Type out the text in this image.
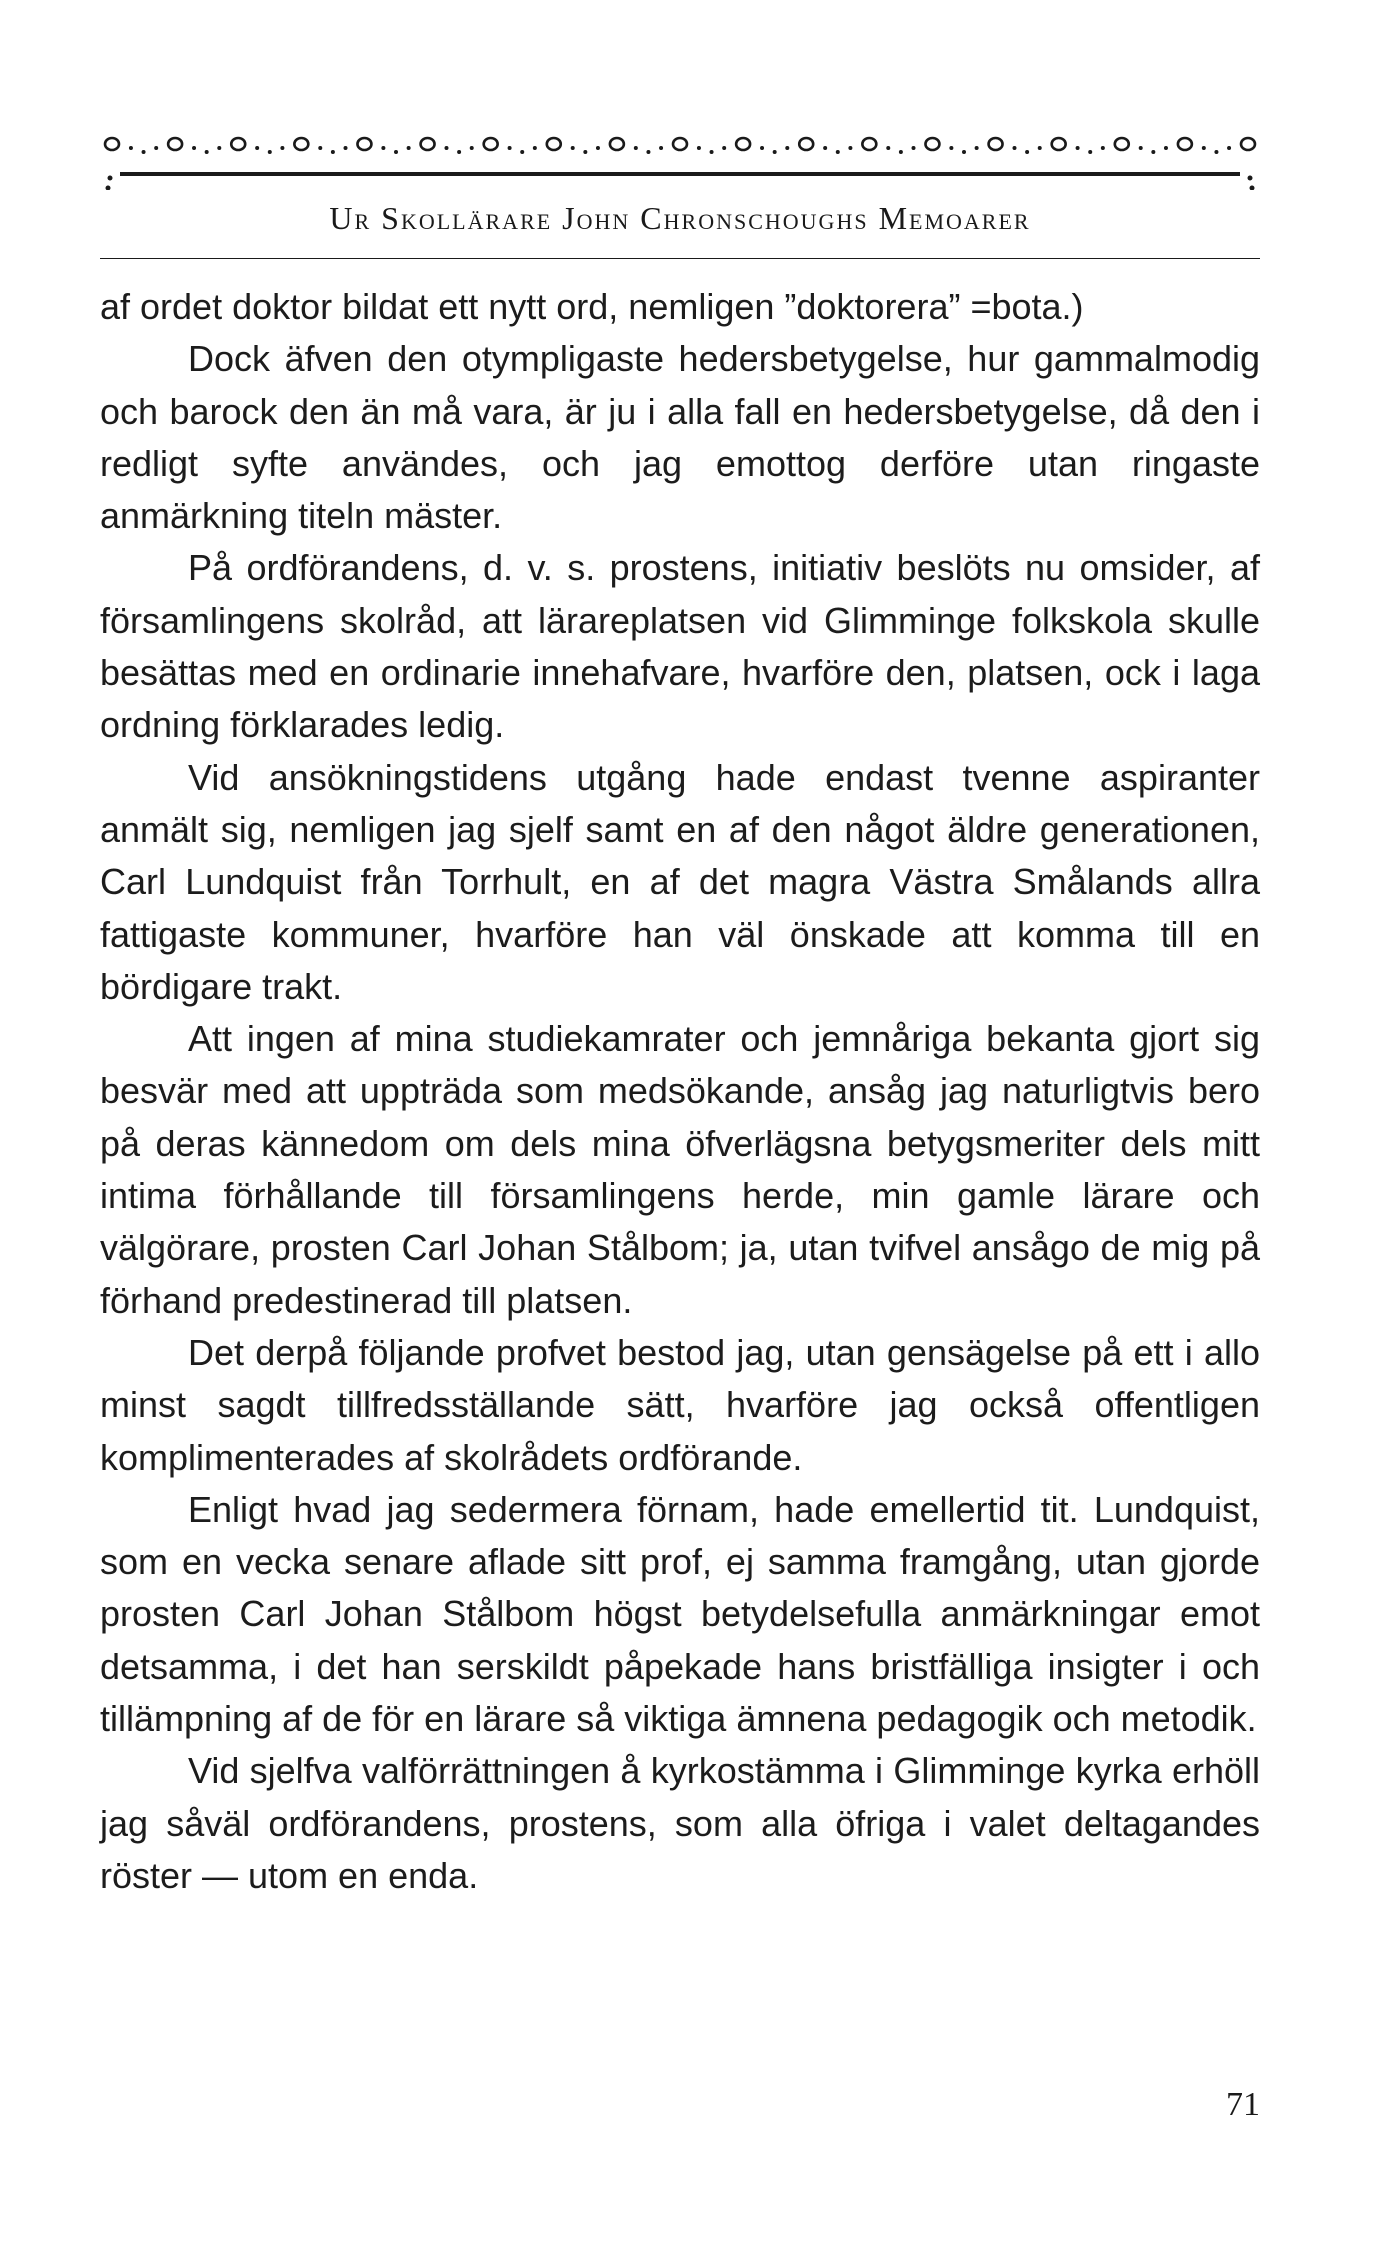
Ur Skollärare John Chronschoughs Memoarer

af ordet doktor bildat ett nytt ord, nemligen ”doktorera” =bota.)

Dock äfven den otympligaste hedersbetygelse, hur gammalmodig och barock den än må vara, är ju i alla fall en hedersbetygelse, då den i redligt syfte användes, och jag emottog derföre utan ringaste anmärkning titeln mäster.

På ordförandens, d. v. s. prostens, initiativ beslöts nu omsider, af församlingens skolråd, att lärareplatsen vid Glimminge folkskola skulle besättas med en ordinarie innehafvare, hvarföre den, platsen, ock i laga ordning förklarades ledig.

Vid ansökningstidens utgång hade endast tvenne aspiranter anmält sig, nemligen jag sjelf samt en af den något äldre generationen, Carl Lundquist från Torrhult, en af det magra Västra Smålands allra fattigaste kommuner, hvarföre han väl önskade att komma till en bördigare trakt.

Att ingen af mina studiekamrater och jemnåriga bekanta gjort sig besvär med att uppträda som medsökande, ansåg jag naturligtvis bero på deras kännedom om dels mina öfverlägsna betygsmeriter dels mitt intima förhållande till församlingens herde, min gamle lärare och välgörare, prosten Carl Johan Stålbom; ja, utan tvifvel ansågo de mig på förhand predestinerad till platsen.

Det derpå följande profvet bestod jag, utan gensägelse på ett i allo minst sagdt tillfredsställande sätt, hvarföre jag också offentligen komplimenterades af skolrådets ordförande.

Enligt hvad jag sedermera förnam, hade emellertid tit. Lundquist, som en vecka senare aflade sitt prof, ej samma framgång, utan gjorde prosten Carl Johan Stålbom högst betydelsefulla anmärkningar emot detsamma, i det han serskildt påpekade hans bristfälliga insigter i och tillämpning af de för en lärare så viktiga ämnena pedagogik och metodik.

Vid sjelfva valförrättningen å kyrkostämma i Glimminge kyrka erhöll jag såväl ordförandens, prostens, som alla öfriga i valet deltagandes röster — utom en enda.

71
